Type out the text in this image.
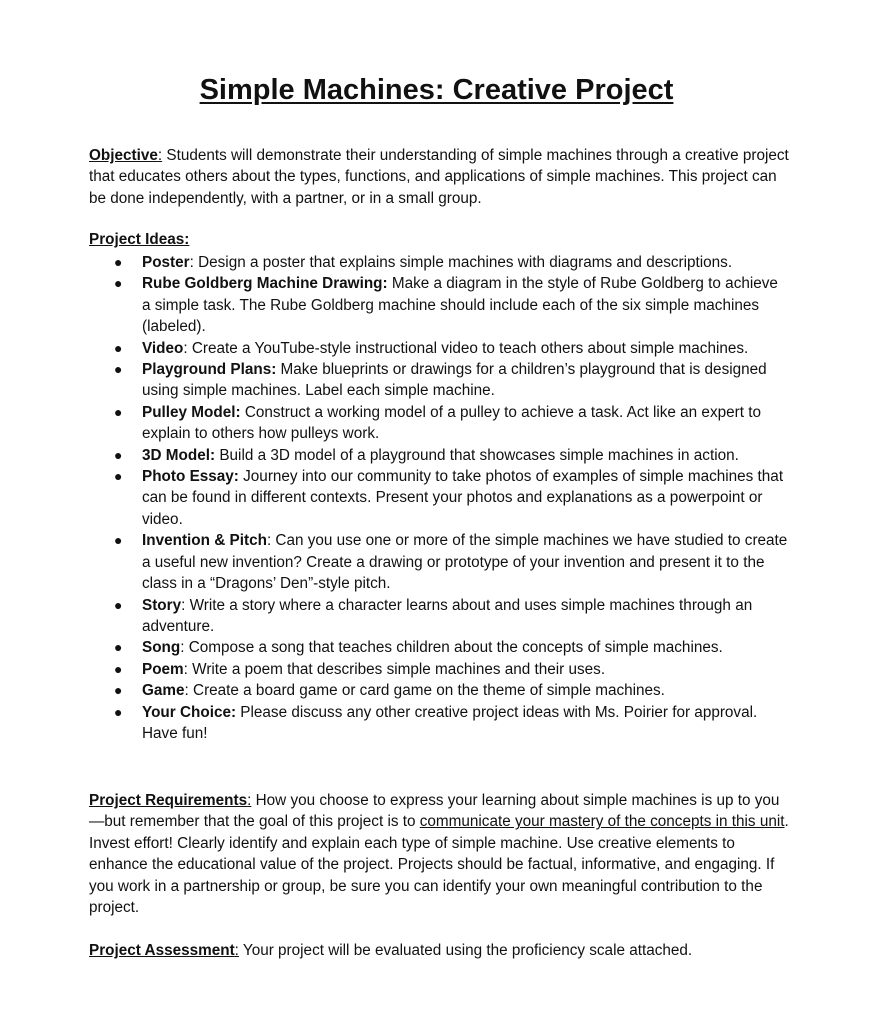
Simple Machines: Creative Project

Objective: Students will demonstrate their understanding of simple machines through a creative project that educates others about the types, functions, and applications of simple machines. This project can be done independently, with a partner, or in a small group.

Project Ideas:

● Poster: Design a poster that explains simple machines with diagrams and descriptions.
● Rube Goldberg Machine Drawing: Make a diagram in the style of Rube Goldberg to achieve a simple task. The Rube Goldberg machine should include each of the six simple machines (labeled).
● Video: Create a YouTube-style instructional video to teach others about simple machines.
● Playground Plans: Make blueprints or drawings for a children’s playground that is designed using simple machines. Label each simple machine.
● Pulley Model: Construct a working model of a pulley to achieve a task. Act like an expert to explain to others how pulleys work.
● 3D Model: Build a 3D model of a playground that showcases simple machines in action.
● Photo Essay: Journey into our community to take photos of examples of simple machines that can be found in different contexts. Present your photos and explanations as a powerpoint or video.
● Invention & Pitch: Can you use one or more of the simple machines we have studied to create a useful new invention? Create a drawing or prototype of your invention and present it to the class in a “Dragons’ Den”-style pitch.
● Story: Write a story where a character learns about and uses simple machines through an adventure.
● Song: Compose a song that teaches children about the concepts of simple machines.
● Poem: Write a poem that describes simple machines and their uses.
● Game: Create a board game or card game on the theme of simple machines.
● Your Choice: Please discuss any other creative project ideas with Ms. Poirier for approval. Have fun!

Project Requirements: How you choose to express your learning about simple machines is up to you—but remember that the goal of this project is to communicate your mastery of the concepts in this unit. Invest effort! Clearly identify and explain each type of simple machine. Use creative elements to enhance the educational value of the project. Projects should be factual, informative, and engaging. If you work in a partnership or group, be sure you can identify your own meaningful contribution to the project.

Project Assessment: Your project will be evaluated using the proficiency scale attached.
